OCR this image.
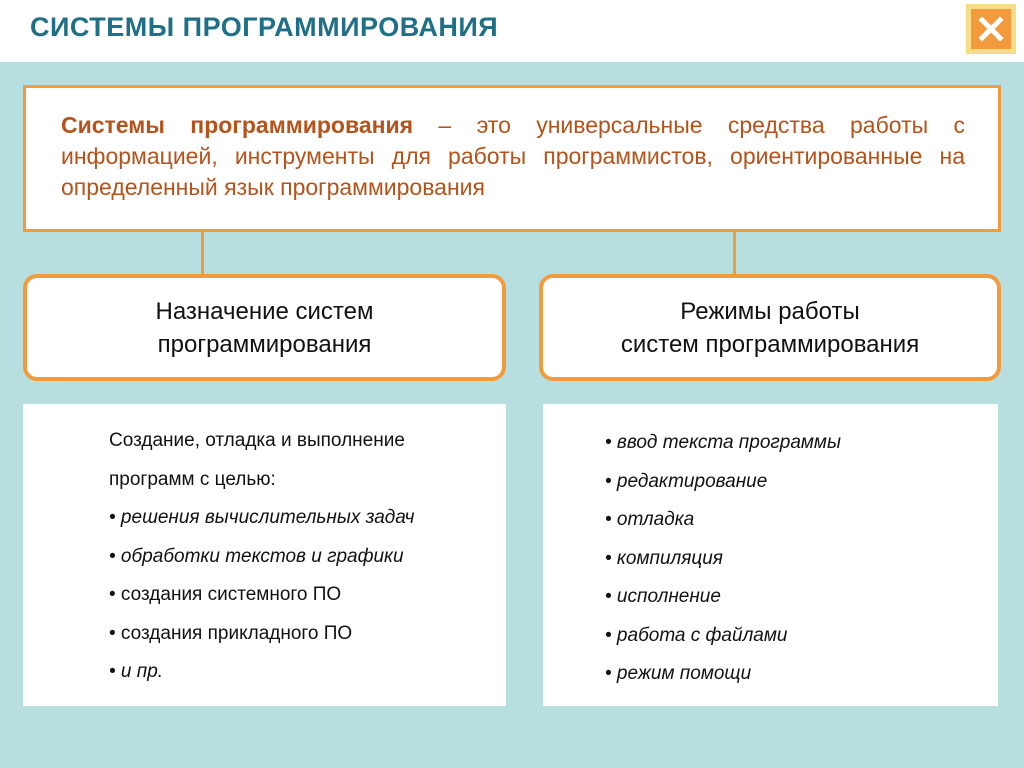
СИСТЕМЫ ПРОГРАММИРОВАНИЯ
Системы программирования – это универсальные средства работы с информацией, инструменты для работы программистов, ориентированные на определенный язык программирования
Назначение систем
программирования
Режимы работы
систем программирования
Создание, отладка и выполнение
программ с целью:
• решения вычислительных задач
• обработки текстов и графики
• создания системного ПО
• создания прикладного ПО
• и пр.
• ввод текста программы
• редактирование
• отладка
• компиляция
• исполнение
• работа с файлами
• режим помощи
